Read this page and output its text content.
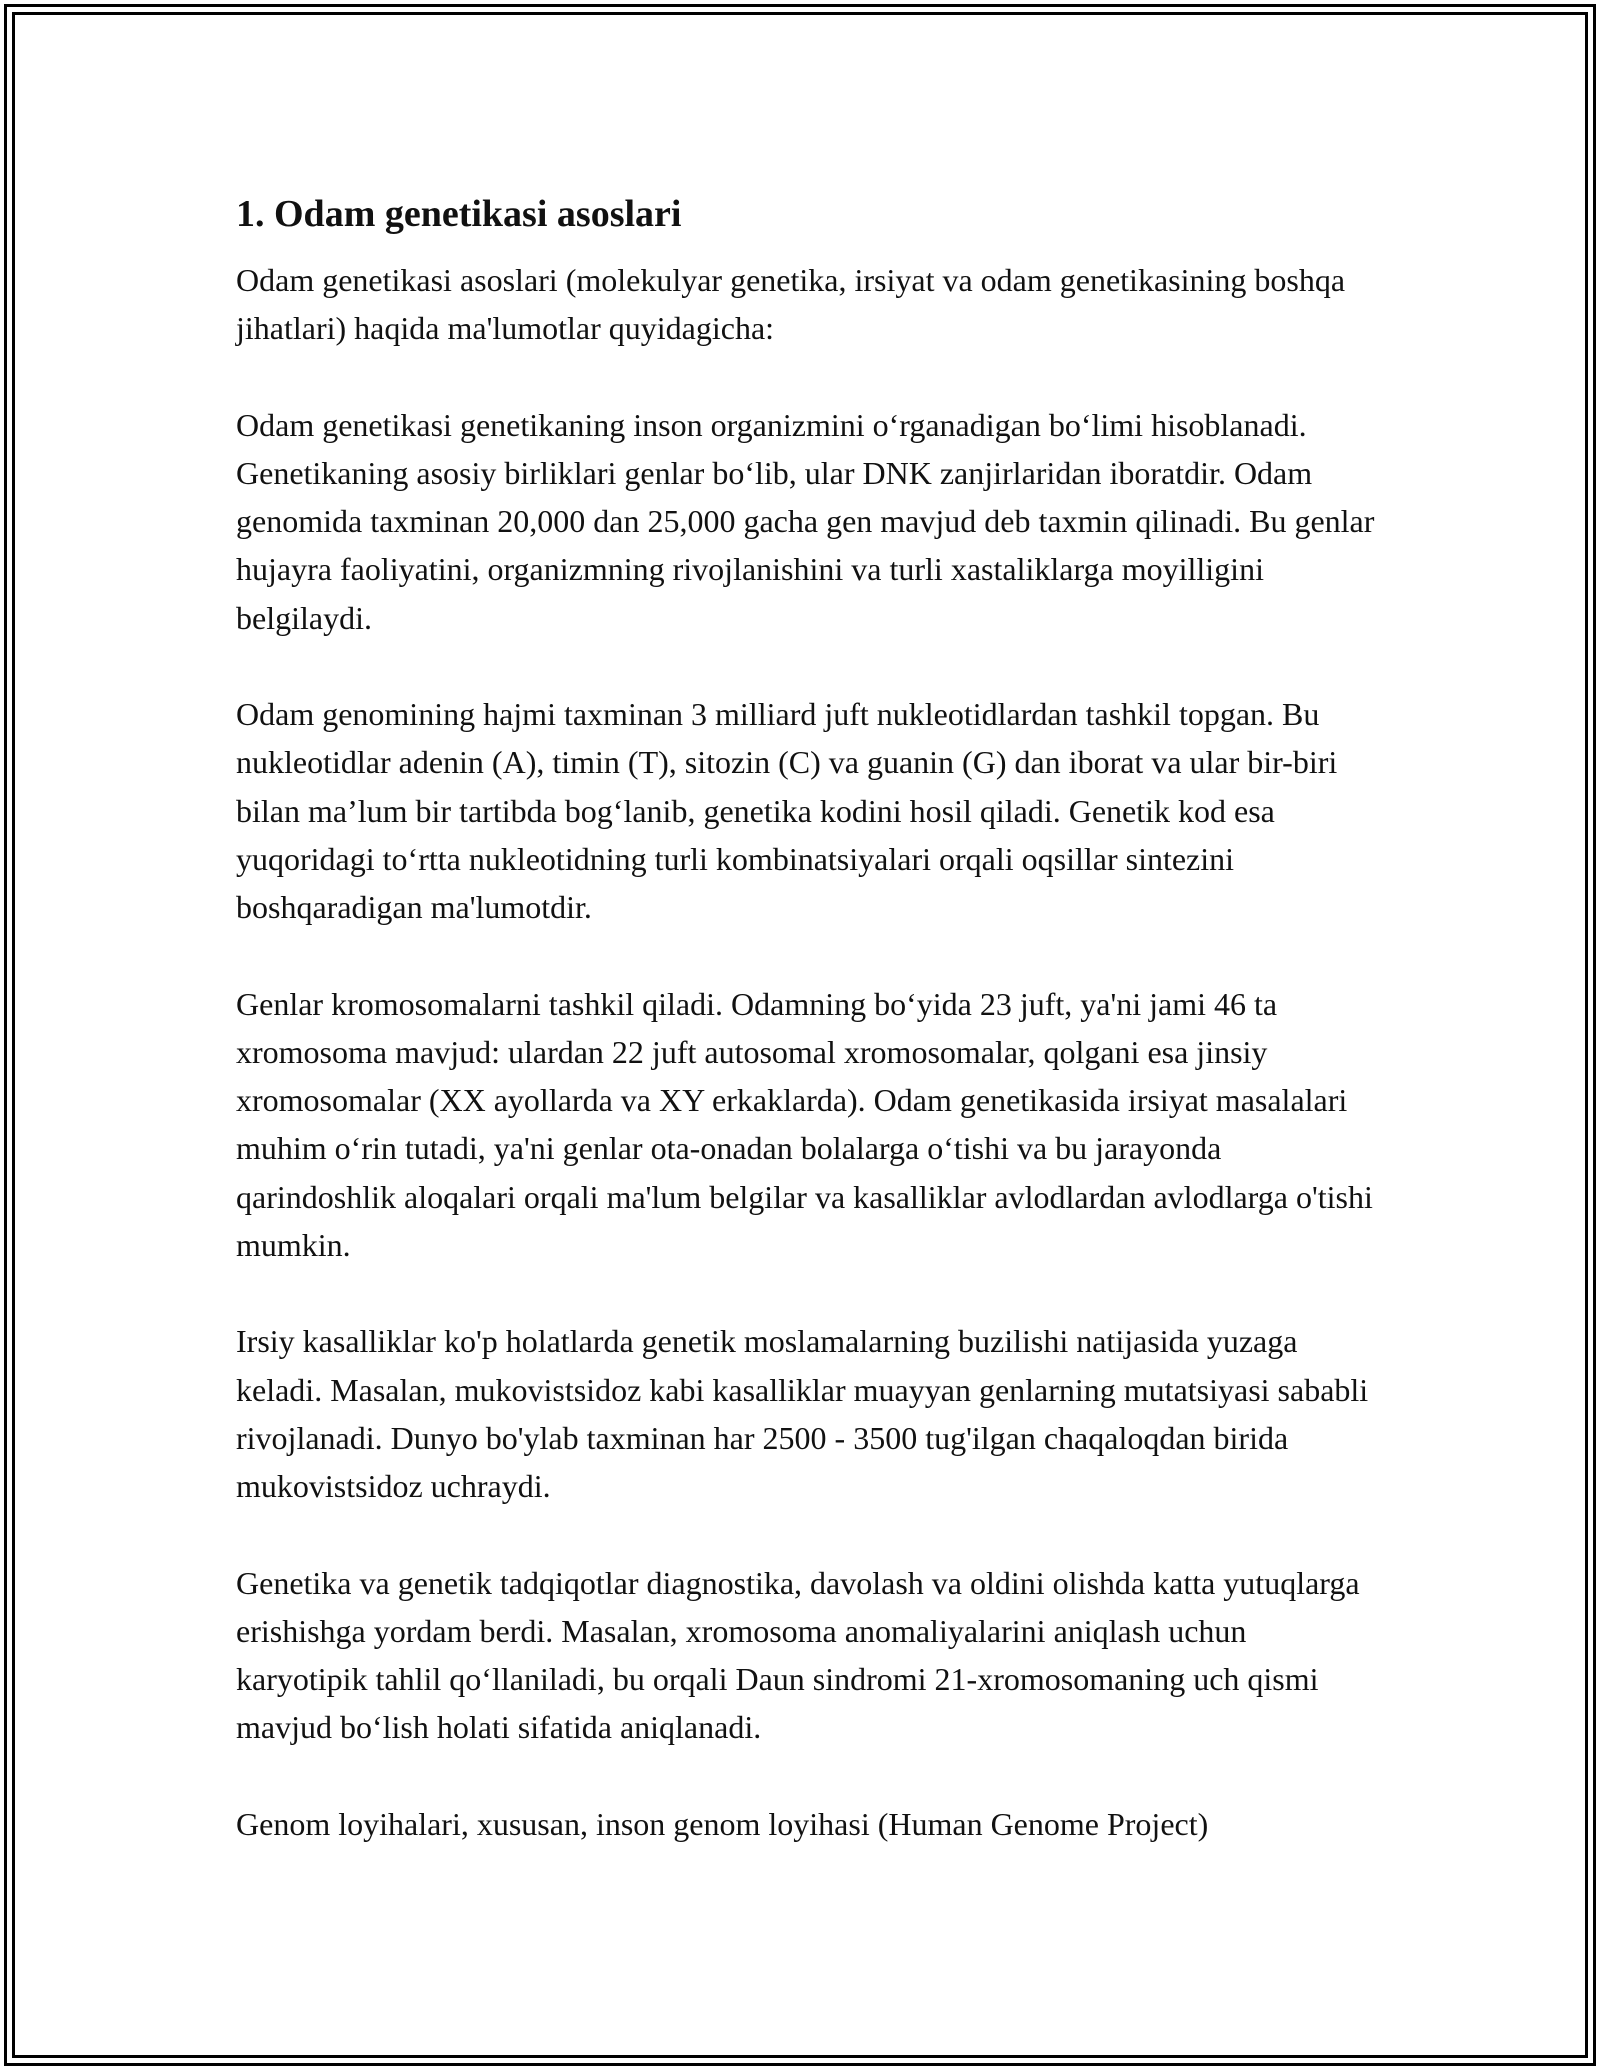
1. Odam genetikasi asoslari

Odam genetikasi asoslari (molekulyar genetika, irsiyat va odam genetikasining boshqa jihatlari) haqida ma'lumotlar quyidagicha:

Odam genetikasi genetikaning inson organizmini o‘rganadigan bo‘limi hisoblanadi. Genetikaning asosiy birliklari genlar bo‘lib, ular DNK zanjirlaridan iboratdir. Odam genomida taxminan 20,000 dan 25,000 gacha gen mavjud deb taxmin qilinadi. Bu genlar hujayra faoliyatini, organizmning rivojlanishini va turli xastaliklarga moyilligini belgilaydi.

Odam genomining hajmi taxminan 3 milliard juft nukleotidlardan tashkil topgan. Bu nukleotidlar adenin (A), timin (T), sitozin (C) va guanin (G) dan iborat va ular bir-biri bilan ma’lum bir tartibda bog‘lanib, genetika kodini hosil qiladi. Genetik kod esa yuqoridagi to‘rtta nukleotidning turli kombinatsiyalari orqali oqsillar sintezini boshqaradigan ma'lumotdir.

Genlar kromosomalarni tashkil qiladi. Odamning bo‘yida 23 juft, ya'ni jami 46 ta xromosoma mavjud: ulardan 22 juft autosomal xromosomalar, qolgani esa jinsiy xromosomalar (XX ayollarda va XY erkaklarda). Odam genetikasida irsiyat masalalari muhim o‘rin tutadi, ya'ni genlar ota-onadan bolalarga o‘tishi va bu jarayonda qarindoshlik aloqalari orqali ma'lum belgilar va kasalliklar avlodlardan avlodlarga o'tishi mumkin.

Irsiy kasalliklar ko'p holatlarda genetik moslamalarning buzilishi natijasida yuzaga keladi. Masalan, mukovistsidoz kabi kasalliklar muayyan genlarning mutatsiyasi sababli rivojlanadi. Dunyo bo'ylab taxminan har 2500 - 3500 tug'ilgan chaqaloqdan birida mukovistsidoz uchraydi.

Genetika va genetik tadqiqotlar diagnostika, davolash va oldini olishda katta yutuqlarga erishishga yordam berdi. Masalan, xromosoma anomaliyalarini aniqlash uchun karyotipik tahlil qo‘llaniladi, bu orqali Daun sindromi 21-xromosomaning uch qismi mavjud bo‘lish holati sifatida aniqlanadi.

Genom loyihalari, xususan, inson genom loyihasi (Human Genome Project)
